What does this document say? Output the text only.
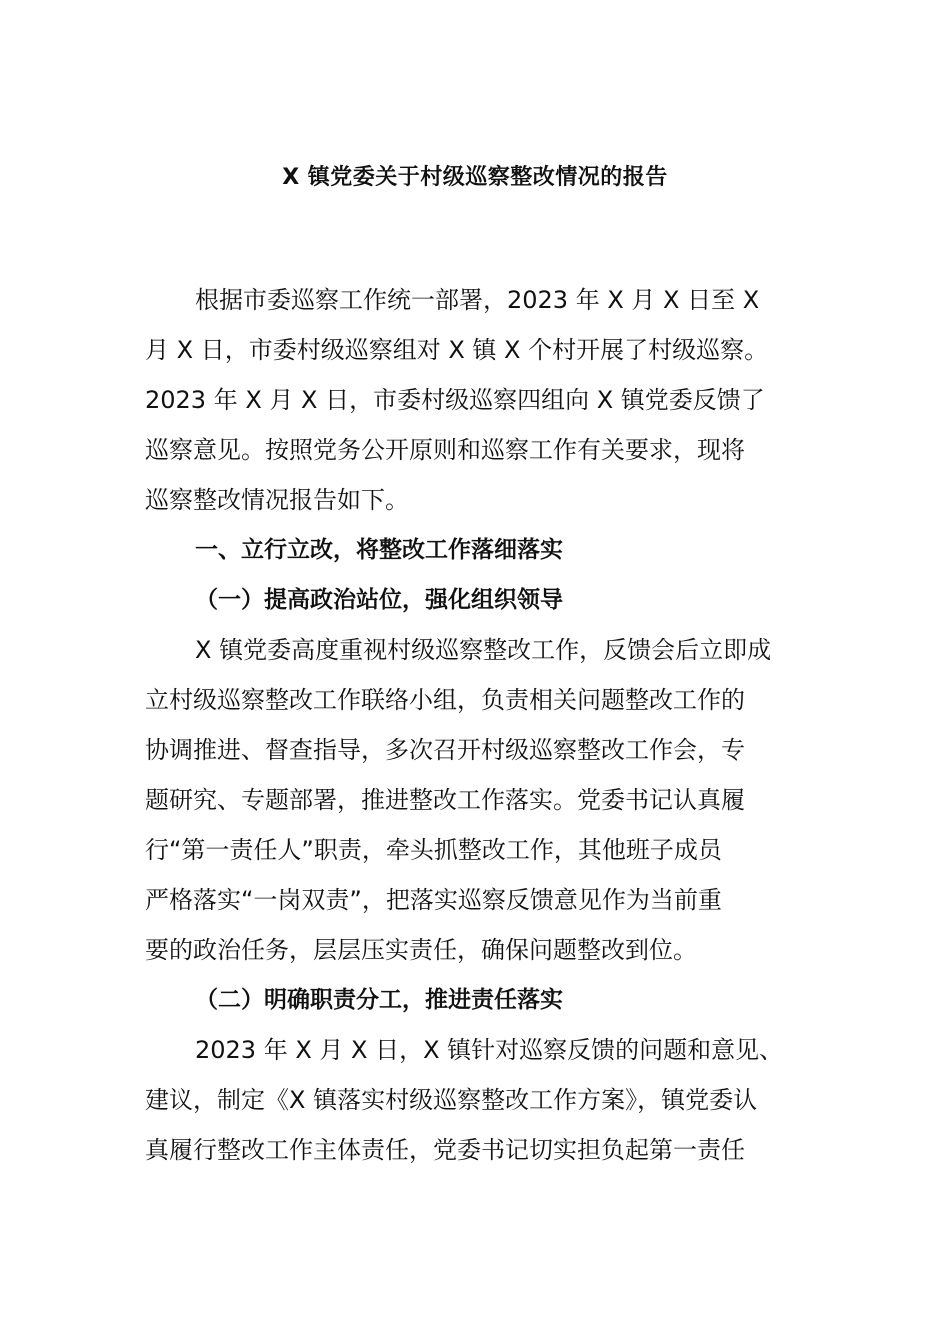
X 镇党委关于村级巡察整改情况的报告
根据市委巡察工作统一部署，2023 年 X 月 X 日至 X
月 X 日，市委村级巡察组对 X 镇 X 个村开展了村级巡察。
2023 年 X 月 X 日，市委村级巡察四组向 X 镇党委反馈了
巡察意见。按照党务公开原则和巡察工作有关要求，现将
巡察整改情况报告如下。
一、立行立改，将整改工作落细落实
（一）提高政治站位，强化组织领导
X 镇党委高度重视村级巡察整改工作，反馈会后立即成
立村级巡察整改工作联络小组，负责相关问题整改工作的
协调推进、督查指导，多次召开村级巡察整改工作会，专
题研究、专题部署，推进整改工作落实。党委书记认真履
行“第一责任人”职责，牵头抓整改工作，其他班子成员
严格落实“一岗双责”，把落实巡察反馈意见作为当前重
要的政治任务，层层压实责任，确保问题整改到位。
（二）明确职责分工，推进责任落实
2023 年 X 月 X 日，X 镇针对巡察反馈的问题和意见、
建议，制定《X 镇落实村级巡察整改工作方案》，镇党委认
真履行整改工作主体责任，党委书记切实担负起第一责任
